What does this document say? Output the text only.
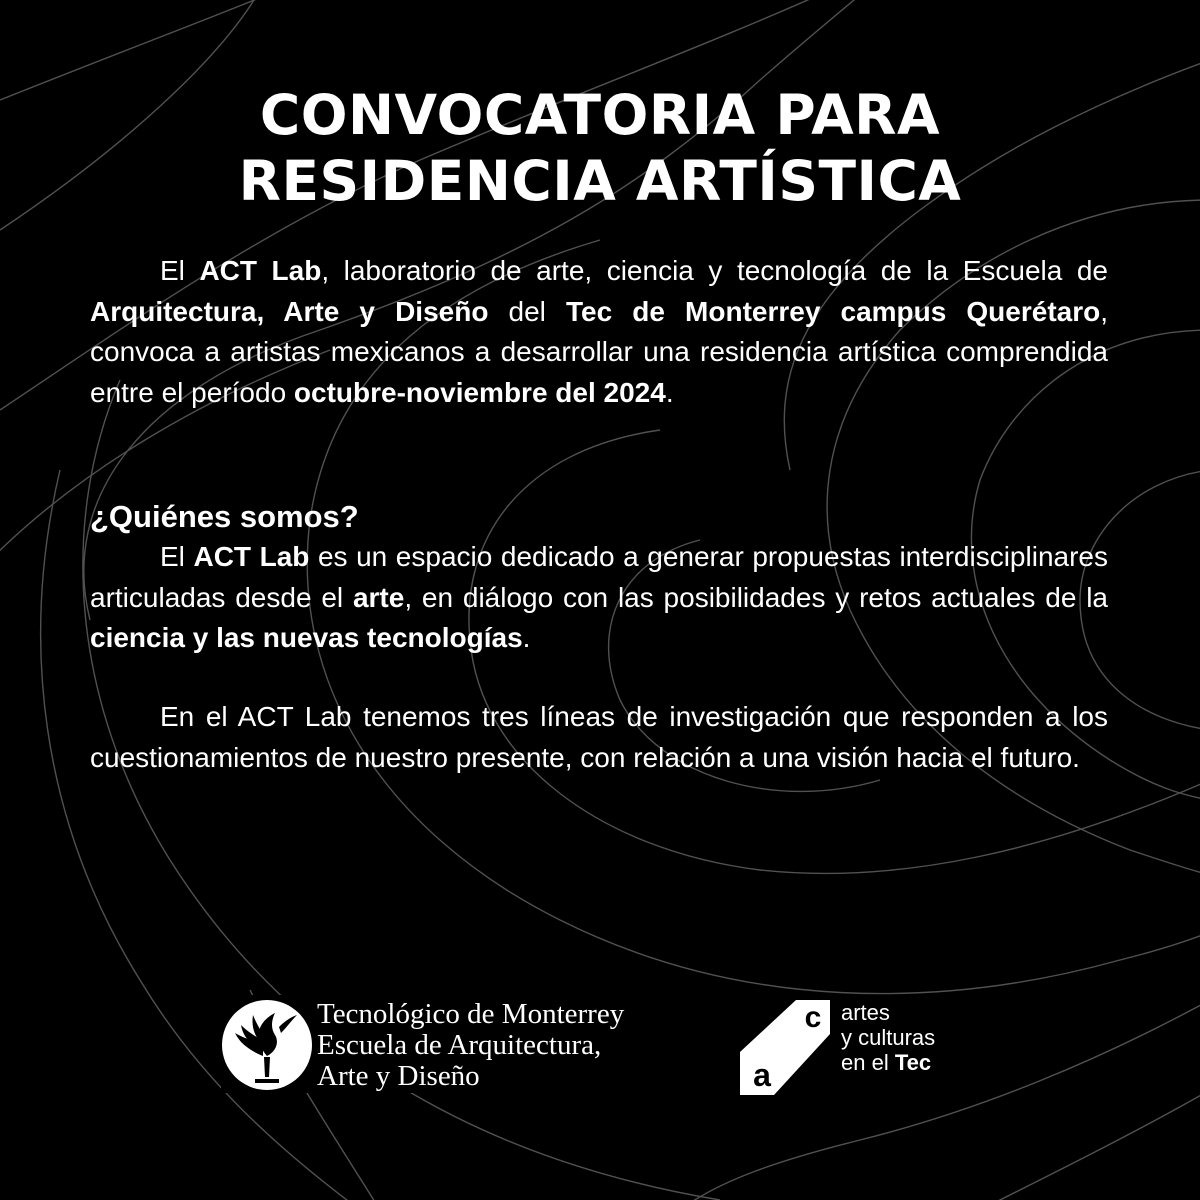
CONVOCATORIA PARA
RESIDENCIA ARTÍSTICA
El ACT Lab, laboratorio de arte, ciencia y tecnología de la Escuela de Arquitectura, Arte y Diseño del Tec de Monterrey campus Querétaro, convoca a artistas mexicanos a desarrollar una residencia artística comprendida entre el período octubre-noviembre del 2024.
¿Quiénes somos?
El ACT Lab es un espacio dedicado a generar propuestas interdisciplinares articuladas desde el arte, en diálogo con las posibilidades y retos actuales de la ciencia y las nuevas tecnologías.
En el ACT Lab tenemos tres líneas de investigación que responden a los cuestionamientos de nuestro presente, con relación a una visión hacia el futuro.
Tecnológico de Monterrey
Escuela de Arquitectura,
Arte y Diseño
c
a
artes
y culturas
en el Tec
